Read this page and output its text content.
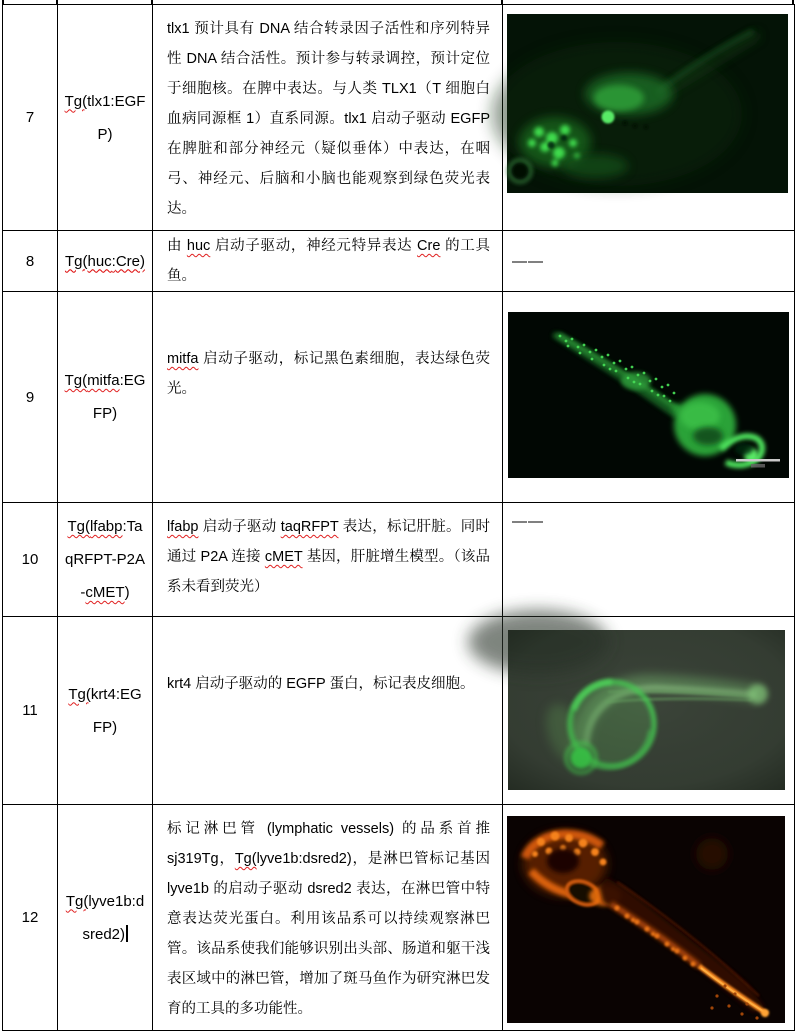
7	Tg(tlx1:EGFP)	tlx1 预计具有 DNA 结合转录因子活性和序列特异性 DNA 结合活性。预计参与转录调控，预计定位于细胞核。在脾中表达。与人类 TLX1（T 细胞白血病同源框 1）直系同源。tlx1 启动子驱动 EGFP 在脾脏和部分神经元（疑似垂体）中表达，在咽弓、神经元、后脑和小脑也能观察到绿色荧光表达。	

8	Tg(huc:Cre)	由 huc 启动子驱动，神经元特异表达 Cre 的工具鱼。	——
9	Tg(mitfa:EGFP)	mitfa 启动子驱动，标记黑色素细胞，表达绿色荧光。	

10	Tg(lfabp:TaqRFPT-P2A-cMET)	lfabp 启动子驱动 taqRFPT 表达，标记肝脏。同时通过 P2A 连接 cMET 基因，肝脏增生模型。（该品系未看到荧光）	——
11	Tg(krt4:EGFP)	krt4 启动子驱动的 EGFP 蛋白，标记表皮细胞。	

12	Tg(lyve1b:dsred2)	标记淋巴管 (lymphatic vessels) 的品系首推 sj319Tg，Tg(lyve1b:dsred2)，是淋巴管标记基因 lyve1b 的启动子驱动 dsred2 表达，在淋巴管中特意表达荧光蛋白。利用该品系可以持续观察淋巴管。该品系使我们能够识别出头部、肠道和躯干浅表区域中的淋巴管，增加了斑马鱼作为研究淋巴发育的工具的多功能性。	
